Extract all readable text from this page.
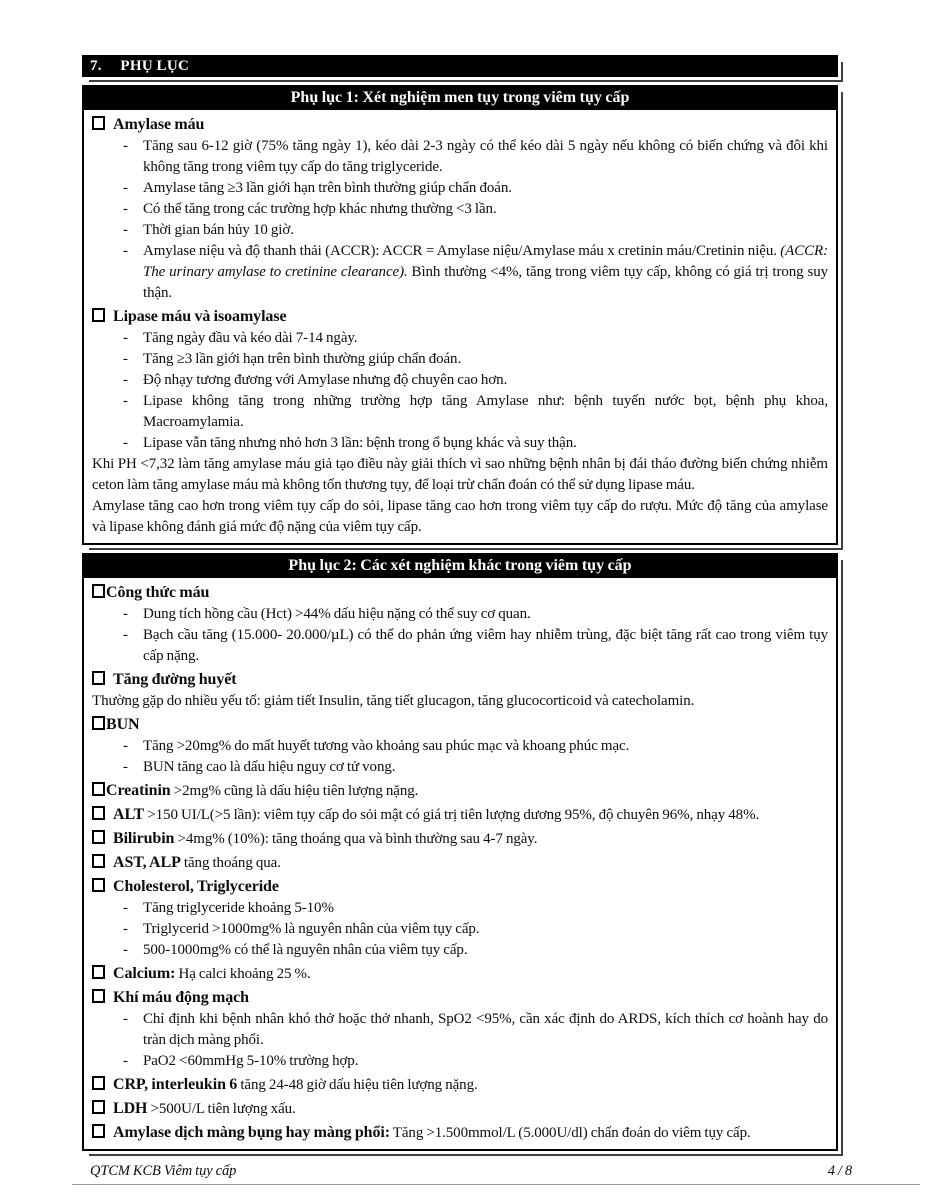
7. PHỤ LỤC
Phụ lục 1: Xét nghiệm men tụy trong viêm tụy cấp
Amylase máu
- Tăng sau 6-12 giờ (75% tăng ngày 1), kéo dài 2-3 ngày có thể kéo dài 5 ngày nếu không có biến chứng và đôi khi không tăng trong viêm tụy cấp do tăng triglyceride.
- Amylase tăng ≥3 lần giới hạn trên bình thường giúp chẩn đoán.
- Có thể tăng trong các trường hợp khác nhưng thường <3 lần.
- Thời gian bán hủy 10 giờ.
- Amylase niệu và độ thanh thải (ACCR): ACCR = Amylase niệu/Amylase máu x cretinin máu/Cretinin niệu. (ACCR: The urinary amylase to cretinine clearance). Bình thường <4%, tăng trong viêm tụy cấp, không có giá trị trong suy thận.
Lipase máu và isoamylase
- Tăng ngày đầu và kéo dài 7-14 ngày.
- Tăng ≥3 lần giới hạn trên bình thường giúp chẩn đoán.
- Độ nhạy tương đương với Amylase nhưng độ chuyên cao hơn.
- Lipase không tăng trong những trường hợp tăng Amylase như: bệnh tuyến nước bọt, bệnh phụ khoa, Macroamylamia.
- Lipase vẫn tăng nhưng nhỏ hơn 3 lần: bệnh trong ổ bụng khác và suy thận.

Khi PH <7,32 làm tăng amylase máu giả tạo điều này giải thích vì sao những bệnh nhân bị đái tháo đường biến chứng nhiễm ceton làm tăng amylase máu mà không tổn thương tụy, để loại trừ chẩn đoán có thể sử dụng lipase máu.

Amylase tăng cao hơn trong viêm tụy cấp do sỏi, lipase tăng cao hơn trong viêm tụy cấp do rượu. Mức độ tăng của amylase và lipase không đánh giá mức độ nặng của viêm tụy cấp.

Phụ lục 2: Các xét nghiệm khác trong viêm tụy cấp
Công thức máu
- Dung tích hồng cầu (Hct) >44% dấu hiệu nặng có thể suy cơ quan.
- Bạch cầu tăng (15.000- 20.000/µL) có thể do phản ứng viêm hay nhiễm trùng, đặc biệt tăng rất cao trong viêm tụy cấp nặng.
Tăng đường huyết

Thường gặp do nhiều yếu tố: giảm tiết Insulin, tăng tiết glucagon, tăng glucocorticoid và catecholamin.

BUN
- Tăng >20mg% do mất huyết tương vào khoảng sau phúc mạc và khoang phúc mạc.
- BUN tăng cao là dấu hiệu nguy cơ tử vong.
Creatinin >2mg% cũng là dấu hiệu tiên lượng nặng.
ALT >150 UI/L(>5 lần): viêm tụy cấp do sỏi mật có giá trị tiên lượng dương 95%, độ chuyên 96%, nhạy 48%.
Bilirubin >4mg% (10%): tăng thoáng qua và bình thường sau 4-7 ngày.
AST, ALP tăng thoáng qua.
Cholesterol, Triglyceride
- Tăng triglyceride khoảng 5-10%
- Triglycerid >1000mg% là nguyên nhân của viêm tụy cấp.
- 500-1000mg% có thể là nguyên nhân của viêm tụy cấp.
Calcium: Hạ calci khoảng 25 %.
Khí máu động mạch
- Chỉ định khi bệnh nhân khó thở hoặc thở nhanh, SpO2 <95%, cần xác định do ARDS, kích thích cơ hoành hay do tràn dịch màng phổi.
- PaO2 <60mmHg 5-10% trường hợp.
CRP, interleukin 6 tăng 24-48 giờ dấu hiệu tiên lượng nặng.
LDH >500U/L tiên lượng xấu.
Amylase dịch màng bụng hay màng phổi: Tăng >1.500mmol/L (5.000U/dl) chẩn đoán do viêm tụy cấp.
QTCM KCB Viêm tụy cấp	4 / 8
